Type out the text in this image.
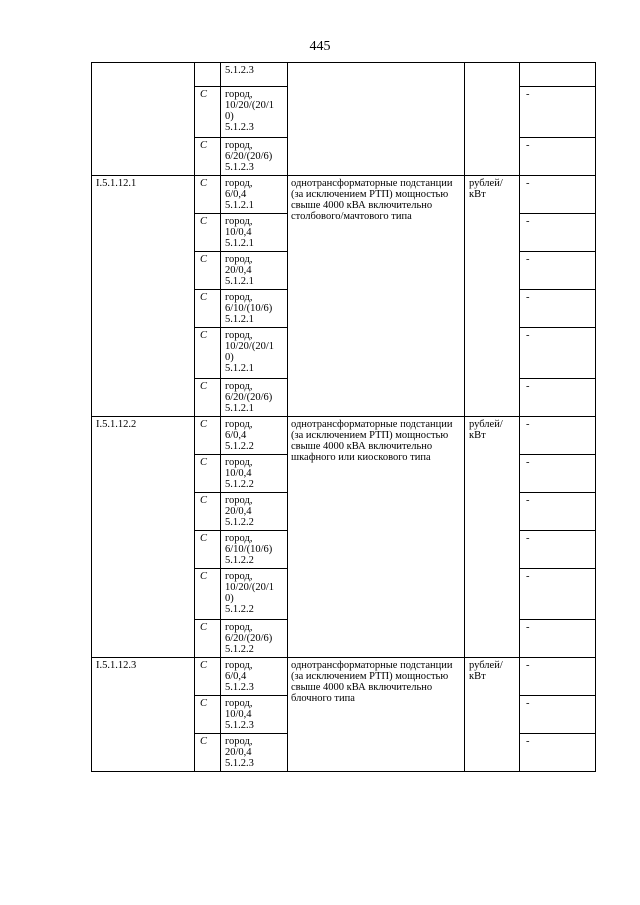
445

		5.1.2.3			

	С	город,
10/20/(20/1
0)
5.1.2.3			-
	С	город,
6/20/(20/6)
5.1.2.3			-
I.5.1.12.1	С	город,
6/0,4
5.1.2.1	однотрансформаторные подстанции (за исключением РТП) мощностью свыше 4000 кВА включительно столбового/мачтового типа	рублей/ кВт	-
	С	город,
10/0,4
5.1.2.1			-
	С	город,
20/0,4
5.1.2.1			-
	С	город,
6/10/(10/6)
5.1.2.1			-
	С	город,
10/20/(20/1
0)
5.1.2.1			-
	С	город,
6/20/(20/6)
5.1.2.1			-
I.5.1.12.2	С	город,
6/0,4
5.1.2.2	однотрансформаторные подстанции (за исключением РТП) мощностью свыше 4000 кВА включительно шкафного или киоскового типа	рублей/ кВт	-
	С	город,
10/0,4
5.1.2.2			-
	С	город,
20/0,4
5.1.2.2			-
	С	город,
6/10/(10/6)
5.1.2.2			-
	С	город,
10/20/(20/1
0)
5.1.2.2			-
	С	город,
6/20/(20/6)
5.1.2.2			-
I.5.1.12.3	С	город,
6/0,4
5.1.2.3	однотрансформаторные подстанции (за исключением РТП) мощностью свыше 4000 кВА включительно блочного типа	рублей/ кВт	-
	С	город,
10/0,4
5.1.2.3			-
	С	город,
20/0,4
5.1.2.3			-
